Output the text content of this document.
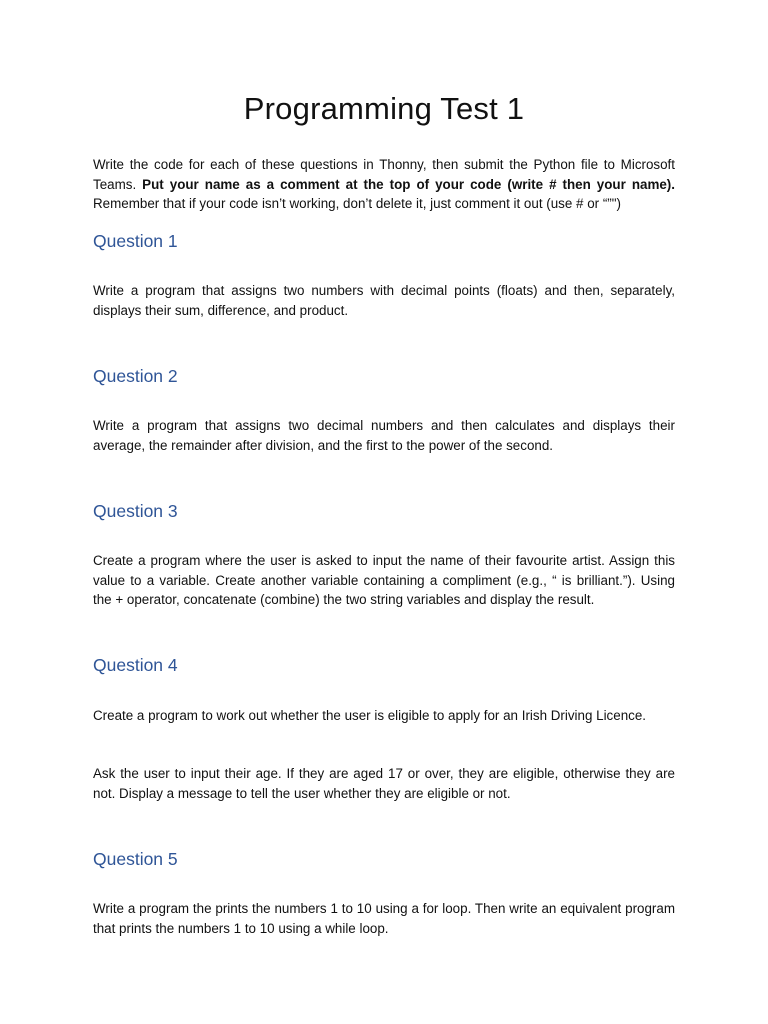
Programming Test 1
Write the code for each of these questions in Thonny, then submit the Python file to Microsoft Teams. Put your name as a comment at the top of your code (write # then your name). Remember that if your code isn’t working, don’t delete it, just comment it out (use # or “”")
Question 1
Write a program that assigns two numbers with decimal points (floats) and then, separately, displays their sum, difference, and product.
Question 2
Write a program that assigns two decimal numbers and then calculates and displays their average, the remainder after division, and the first to the power of the second.
Question 3
Create a program where the user is asked to input the name of their favourite artist. Assign this value to a variable. Create another variable containing a compliment (e.g., “ is brilliant.”). Using the + operator, concatenate (combine) the two string variables and display the result.
Question 4
Create a program to work out whether the user is eligible to apply for an Irish Driving Licence.
Ask the user to input their age. If they are aged 17 or over, they are eligible, otherwise they are not. Display a message to tell the user whether they are eligible or not.
Question 5
Write a program the prints the numbers 1 to 10 using a for loop. Then write an equivalent program that prints the numbers 1 to 10 using a while loop.
